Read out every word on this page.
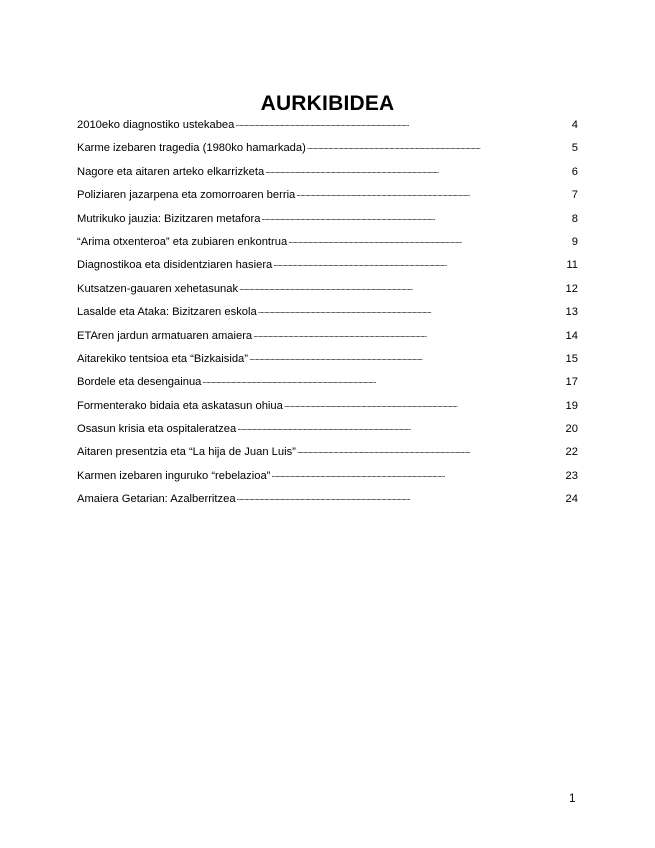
AURKIBIDEA
2010eko diagnostiko ustekabea . . .	4
Karme izebaren tragedia (1980ko hamarkada) . . .	5
Nagore eta aitaren arteko elkarrizketa . . .	6
Poliziaren jazarpena eta zomorroaren berria . . .	7
Mutrikuko jauzia: Bizitzaren metafora . . .	8
“Arima otxenteroa” eta zubiaren enkontrua . . .	9
Diagnostikoa eta disidentziaren hasiera . . .	11
Kutsatzen-gauaren xehetasunak . . .	12
Lasalde eta Ataka: Bizitzaren eskola . . .	13
ETAren jardun armatuaren amaiera . . .	14
Aitarekiko tentsioa eta “Bizkaisida” . . .	15
Bordele eta desengainua . . .	17
Formenterako bidaia eta askatasun ohiua . . .	19
Osasun krisia eta ospitaleratzea . . .	20
Aitaren presentzia eta “La hija de Juan Luis” . . .	22
Karmen izebaren inguruko “rebelazioa” . . .	23
Amaiera Getarian: Azalberritzea . . .	24
1
